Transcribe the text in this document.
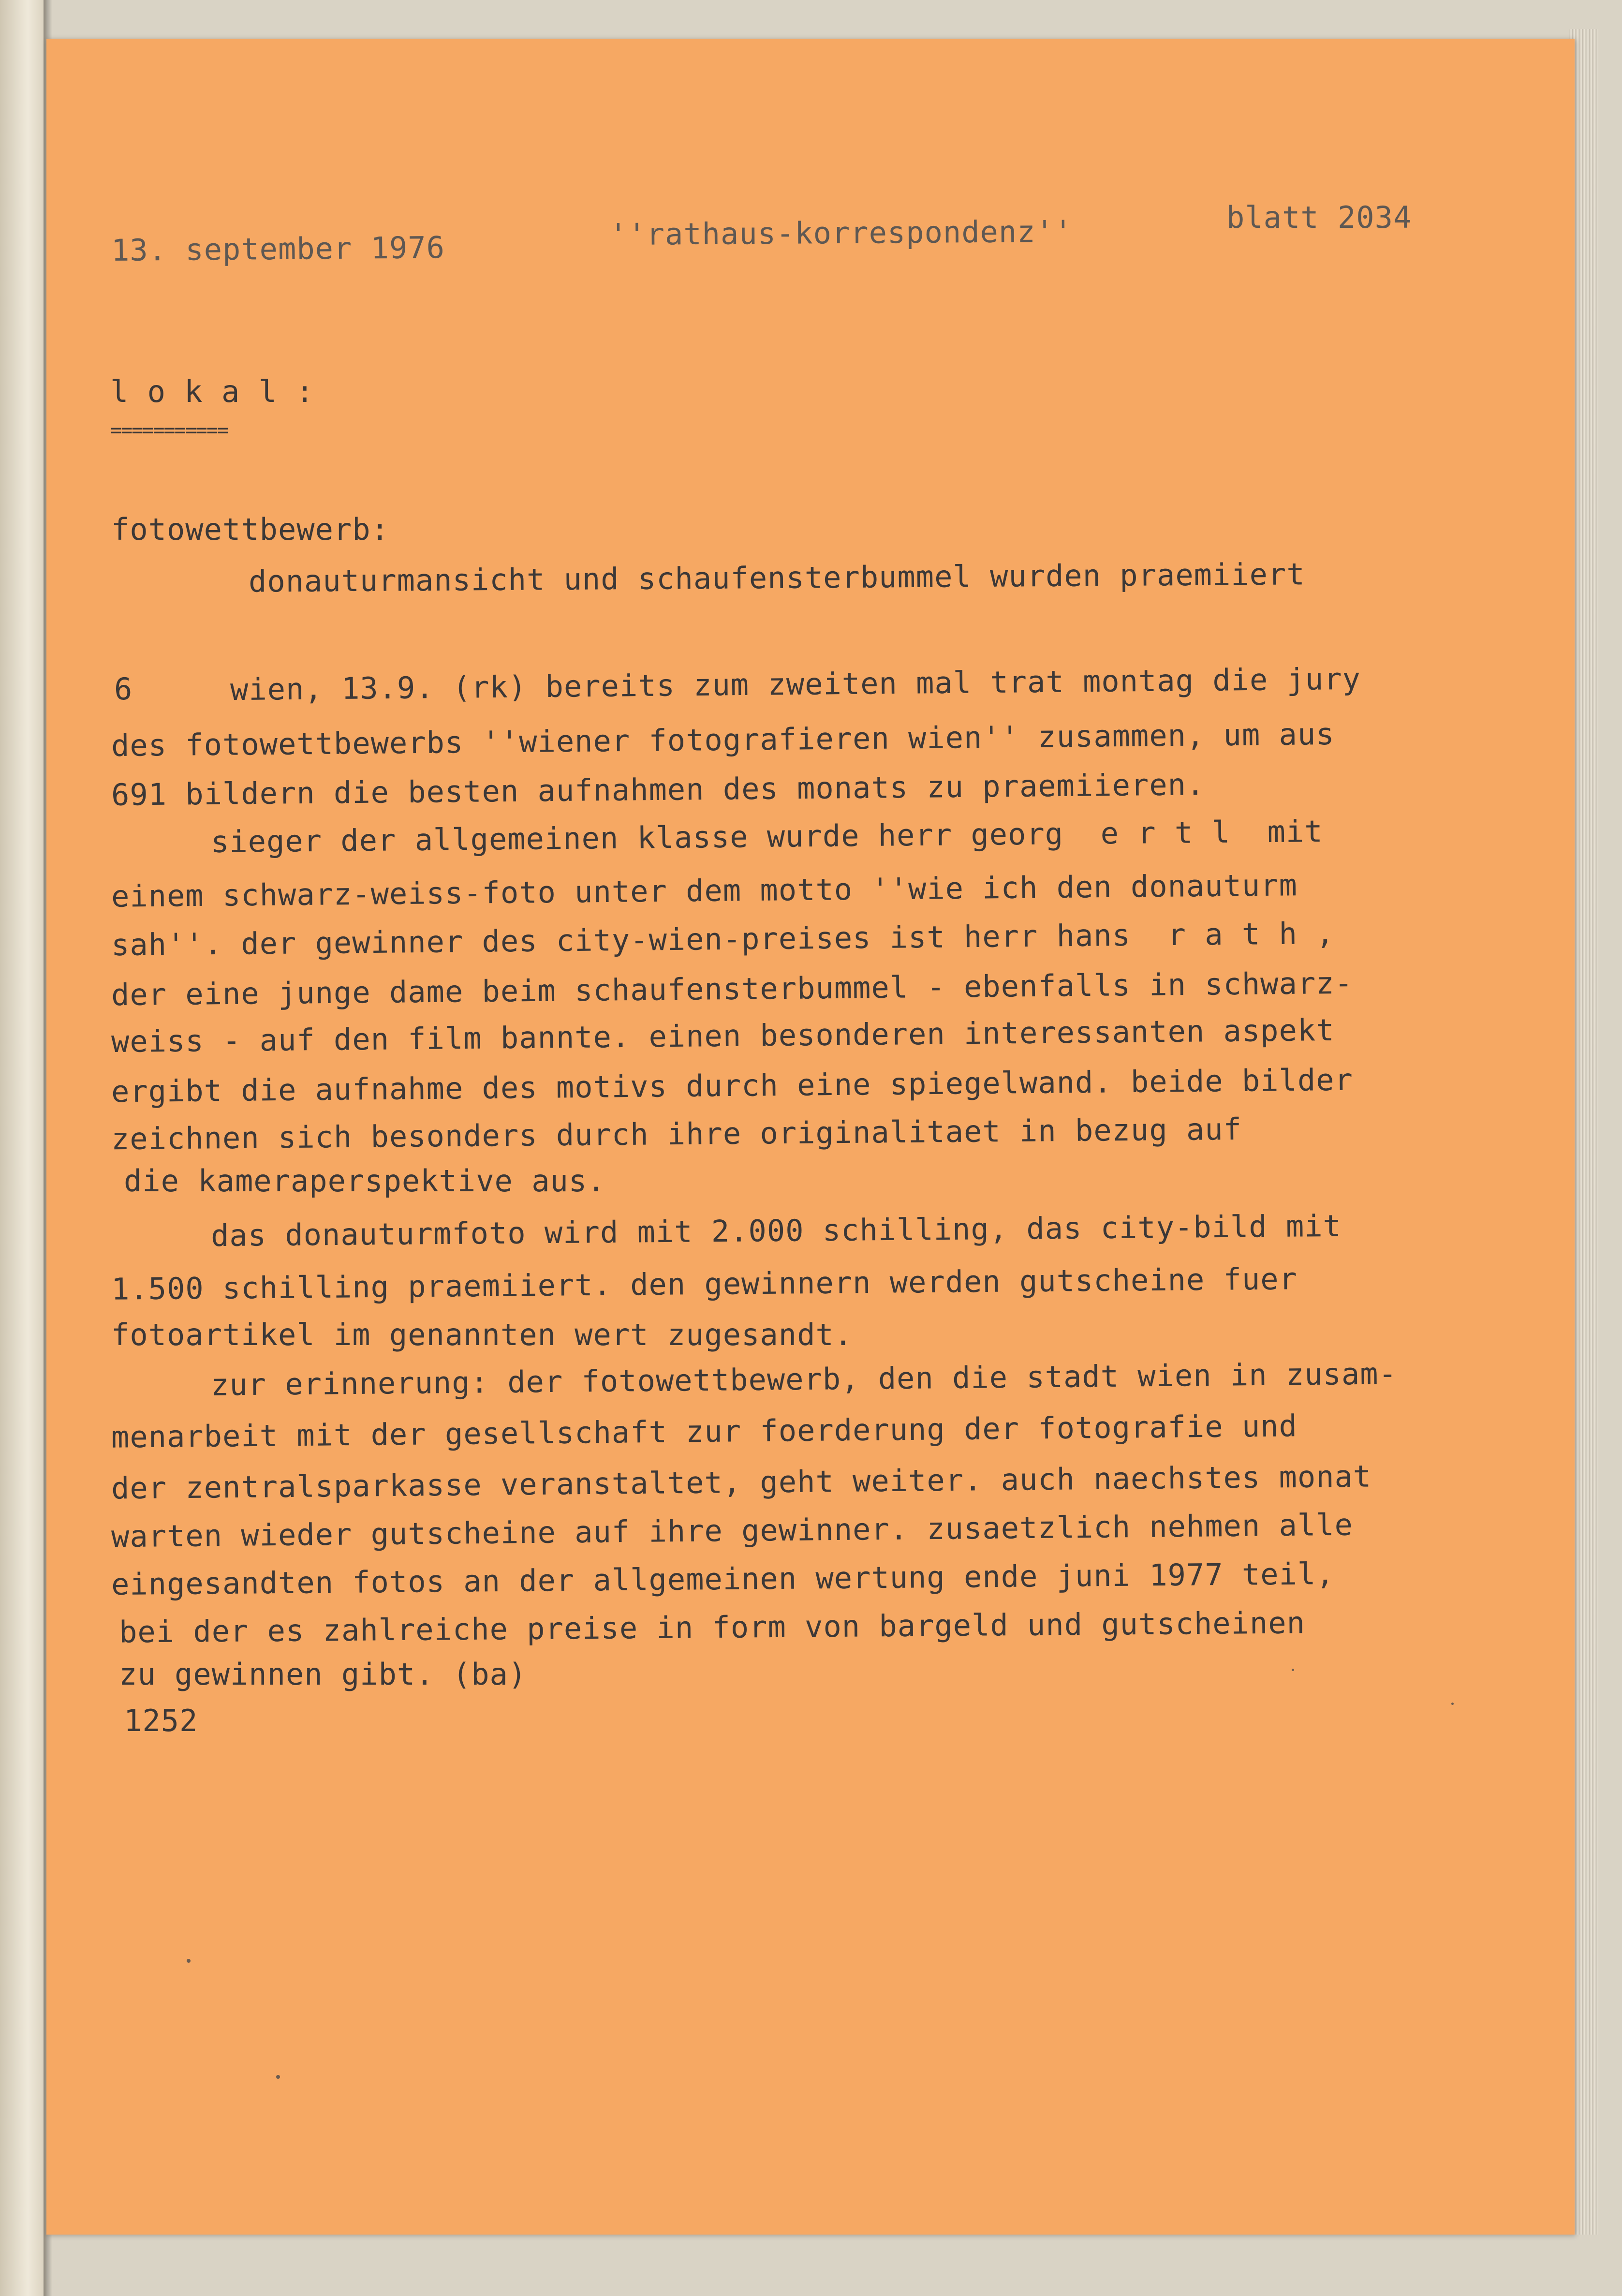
13. september 1976	''rathaus-korrespondenz''	blatt 2034

l o k a l :

===========

fotowettbewerb:

donauturmansicht und schaufensterbummel wurden praemiiert

6	wien, 13.9. (rk) bereits zum zweiten mal trat montag die jury

des fotowettbewerbs ''wiener fotografieren wien'' zusammen, um aus

691 bildern die besten aufnahmen des monats zu praemiieren.

sieger der allgemeinen klasse wurde herr georg  e r t l  mit

einem schwarz-weiss-foto unter dem motto ''wie ich den donauturm

sah''. der gewinner des city-wien-preises ist herr hans  r a t h ,

der eine junge dame beim schaufensterbummel - ebenfalls in schwarz-

weiss - auf den film bannte. einen besonderen interessanten aspekt

ergibt die aufnahme des motivs durch eine spiegelwand. beide bilder

zeichnen sich besonders durch ihre originalitaet in bezug auf

die kameraperspektive aus.

das donauturmfoto wird mit 2.000 schilling, das city-bild mit

1.500 schilling praemiiert. den gewinnern werden gutscheine fuer

fotoartikel im genannten wert zugesandt.

zur erinnerung: der fotowettbewerb, den die stadt wien in zusam-

menarbeit mit der gesellschaft zur foerderung der fotografie und

der zentralsparkasse veranstaltet, geht weiter. auch naechstes monat

warten wieder gutscheine auf ihre gewinner. zusaetzlich nehmen alle

eingesandten fotos an der allgemeinen wertung ende juni 1977 teil,

bei der es zahlreiche preise in form von bargeld und gutscheinen

zu gewinnen gibt. (ba)

1252
